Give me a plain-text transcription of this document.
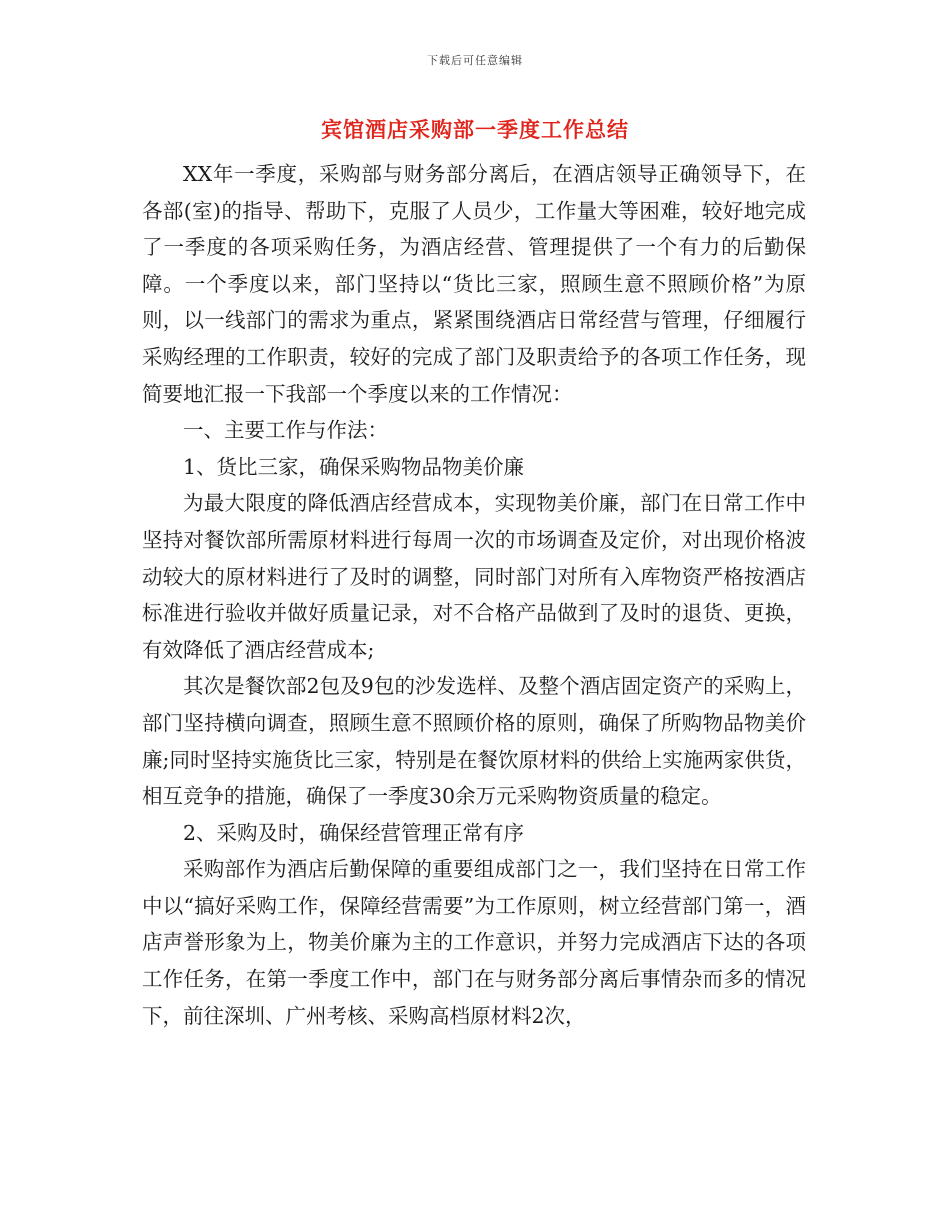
下载后可任意编辑
宾馆酒店采购部一季度工作总结

XX年一季度，采购部与财务部分离后，在酒店领导正确领导下，在各部(室)的指导、帮助下，克服了人员少，工作量大等困难，较好地完成了一季度的各项采购任务，为酒店经营、管理提供了一个有力的后勤保障。一个季度以来，部门坚持以“货比三家，照顾生意不照顾价格”为原则，以一线部门的需求为重点，紧紧围绕酒店日常经营与管理，仔细履行采购经理的工作职责，较好的完成了部门及职责给予的各项工作任务，现简要地汇报一下我部一个季度以来的工作情况：

一、主要工作与作法：

1、货比三家，确保采购物品物美价廉

为最大限度的降低酒店经营成本，实现物美价廉，部门在日常工作中坚持对餐饮部所需原材料进行每周一次的市场调查及定价，对出现价格波动较大的原材料进行了及时的调整，同时部门对所有入库物资严格按酒店标准进行验收并做好质量记录，对不合格产品做到了及时的退货、更换，有效降低了酒店经营成本;

其次是餐饮部2包及9包的沙发选样、及整个酒店固定资产的采购上，部门坚持横向调查，照顾生意不照顾价格的原则，确保了所购物品物美价廉;同时坚持实施货比三家，特别是在餐饮原材料的供给上实施两家供货，相互竞争的措施，确保了一季度30余万元采购物资质量的稳定。

2、采购及时，确保经营管理正常有序

采购部作为酒店后勤保障的重要组成部门之一，我们坚持在日常工作中以“搞好采购工作，保障经营需要”为工作原则，树立经营部门第一，酒店声誉形象为上，物美价廉为主的工作意识，并努力完成酒店下达的各项工作任务，在第一季度工作中，部门在与财务部分离后事情杂而多的情况下，前往深圳、广州考核、采购高档原材料2次，
